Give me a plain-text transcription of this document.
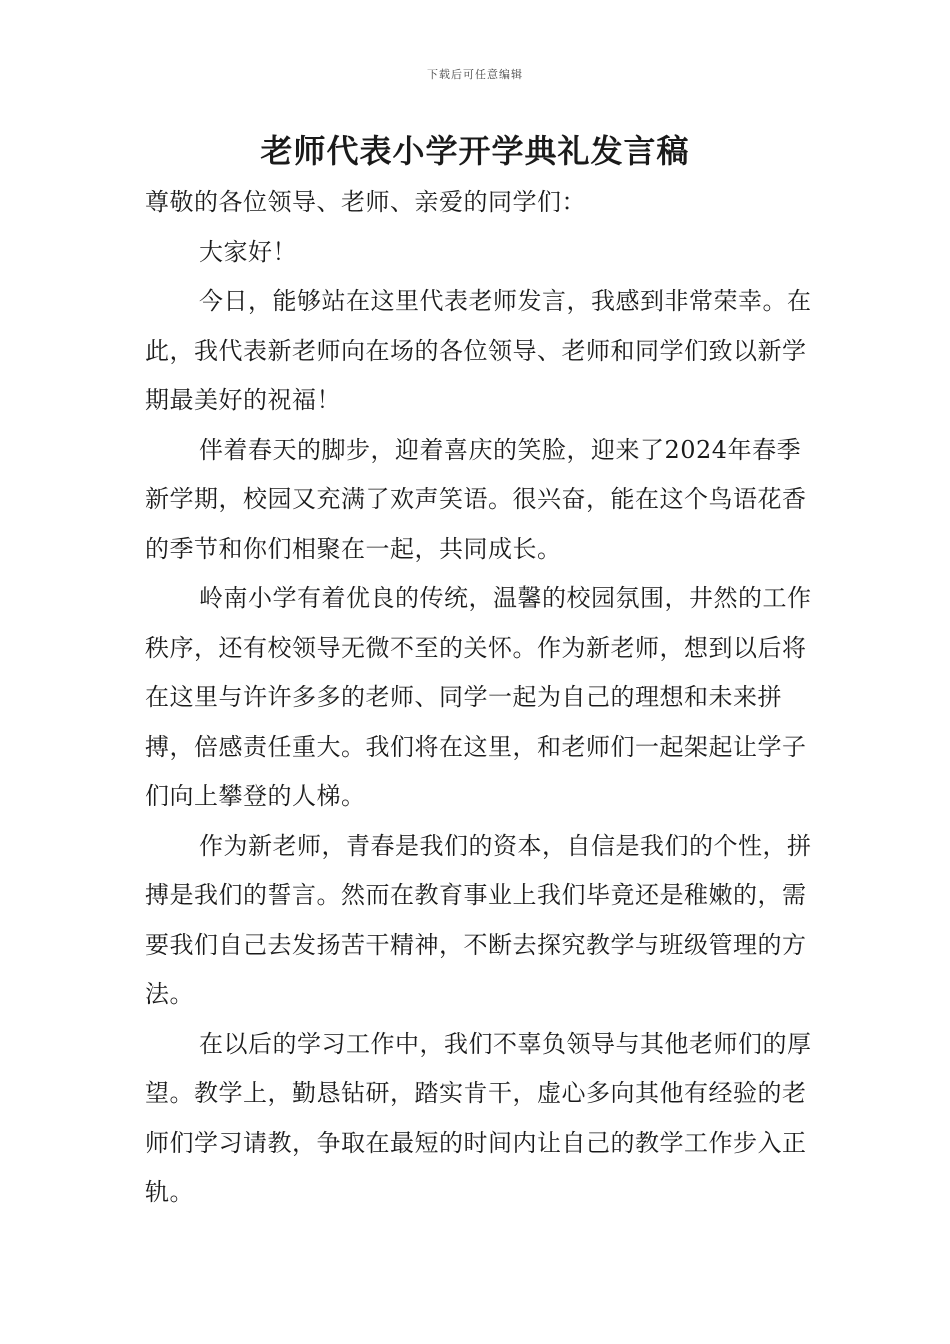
下载后可任意编辑
老师代表小学开学典礼发言稿

尊敬的各位领导、老师、亲爱的同学们：

大家好！

今日，能够站在这里代表老师发言，我感到非常荣幸。在此，我代表新老师向在场的各位领导、老师和同学们致以新学期最美好的祝福！

伴着春天的脚步，迎着喜庆的笑脸，迎来了2024年春季新学期，校园又充满了欢声笑语。很兴奋，能在这个鸟语花香的季节和你们相聚在一起，共同成长。

岭南小学有着优良的传统，温馨的校园氛围，井然的工作秩序，还有校领导无微不至的关怀。作为新老师，想到以后将在这里与许许多多的老师、同学一起为自己的理想和未来拼搏，倍感责任重大。我们将在这里，和老师们一起架起让学子们向上攀登的人梯。

作为新老师，青春是我们的资本，自信是我们的个性，拼搏是我们的誓言。然而在教育事业上我们毕竟还是稚嫩的，需要我们自己去发扬苦干精神，不断去探究教学与班级管理的方法。

在以后的学习工作中，我们不辜负领导与其他老师们的厚望。教学上，勤恳钻研，踏实肯干，虚心多向其他有经验的老师们学习请教，争取在最短的时间内让自己的教学工作步入正轨。
